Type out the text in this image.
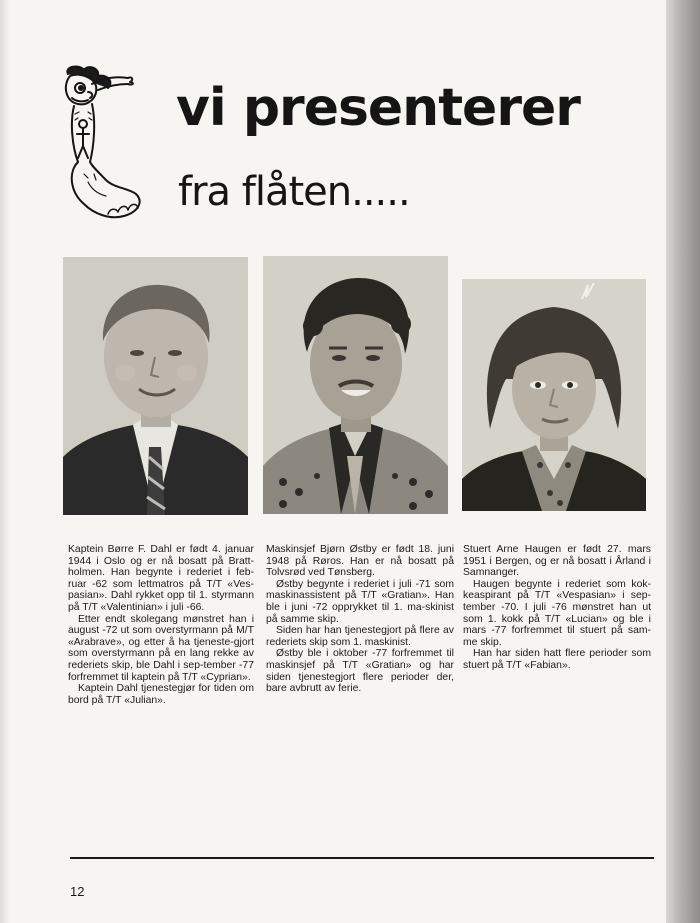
vi presenterer
fra flåten.....

Kaptein Børre F. Dahl er født 4. januar 1944 i Oslo og er nå bosatt på Bratt-holmen. Han begynte i rederiet i feb-ruar -62 som lettmatros på T/T «Ves-pasian». Dahl rykket opp til 1. styrmann på T/T «Valentinian» i juli -66.

Etter endt skolegang mønstret han i august -72 ut som overstyrmann på M/T «Arabrave», og etter å ha tjeneste-gjort som overstyrmann på en lang rekke av rederiets skip, ble Dahl i sep-tember -77 forfremmet til kaptein på T/T «Cyprian».

Kaptein Dahl tjenestegjør for tiden om bord på T/T «Julian».

Maskinsjef Bjørn Østby er født 18. juni 1948 på Røros. Han er nå bosatt på Tolvsrød ved Tønsberg.

Østby begynte i rederiet i juli -71 som maskinassistent på T/T «Gratian». Han ble i juni -72 opprykket til 1. ma-skinist på samme skip.

Siden har han tjenestegjort på flere av rederiets skip som 1. maskinist.

Østby ble i oktober -77 forfremmet til maskinsjef på T/T «Gratian» og har siden tjenestegjort flere perioder der, bare avbrutt av ferie.

Stuert Arne Haugen er født 27. mars 1951 i Bergen, og er nå bosatt i Årland i Samnanger.

Haugen begynte i rederiet som kok-keaspirant på T/T «Vespasian» i sep-tember -70. I juli -76 mønstret han ut som 1. kokk på T/T «Lucian» og ble i mars -77 forfremmet til stuert på sam-me skip.

Han har siden hatt flere perioder som stuert på T/T «Fabian».

12
